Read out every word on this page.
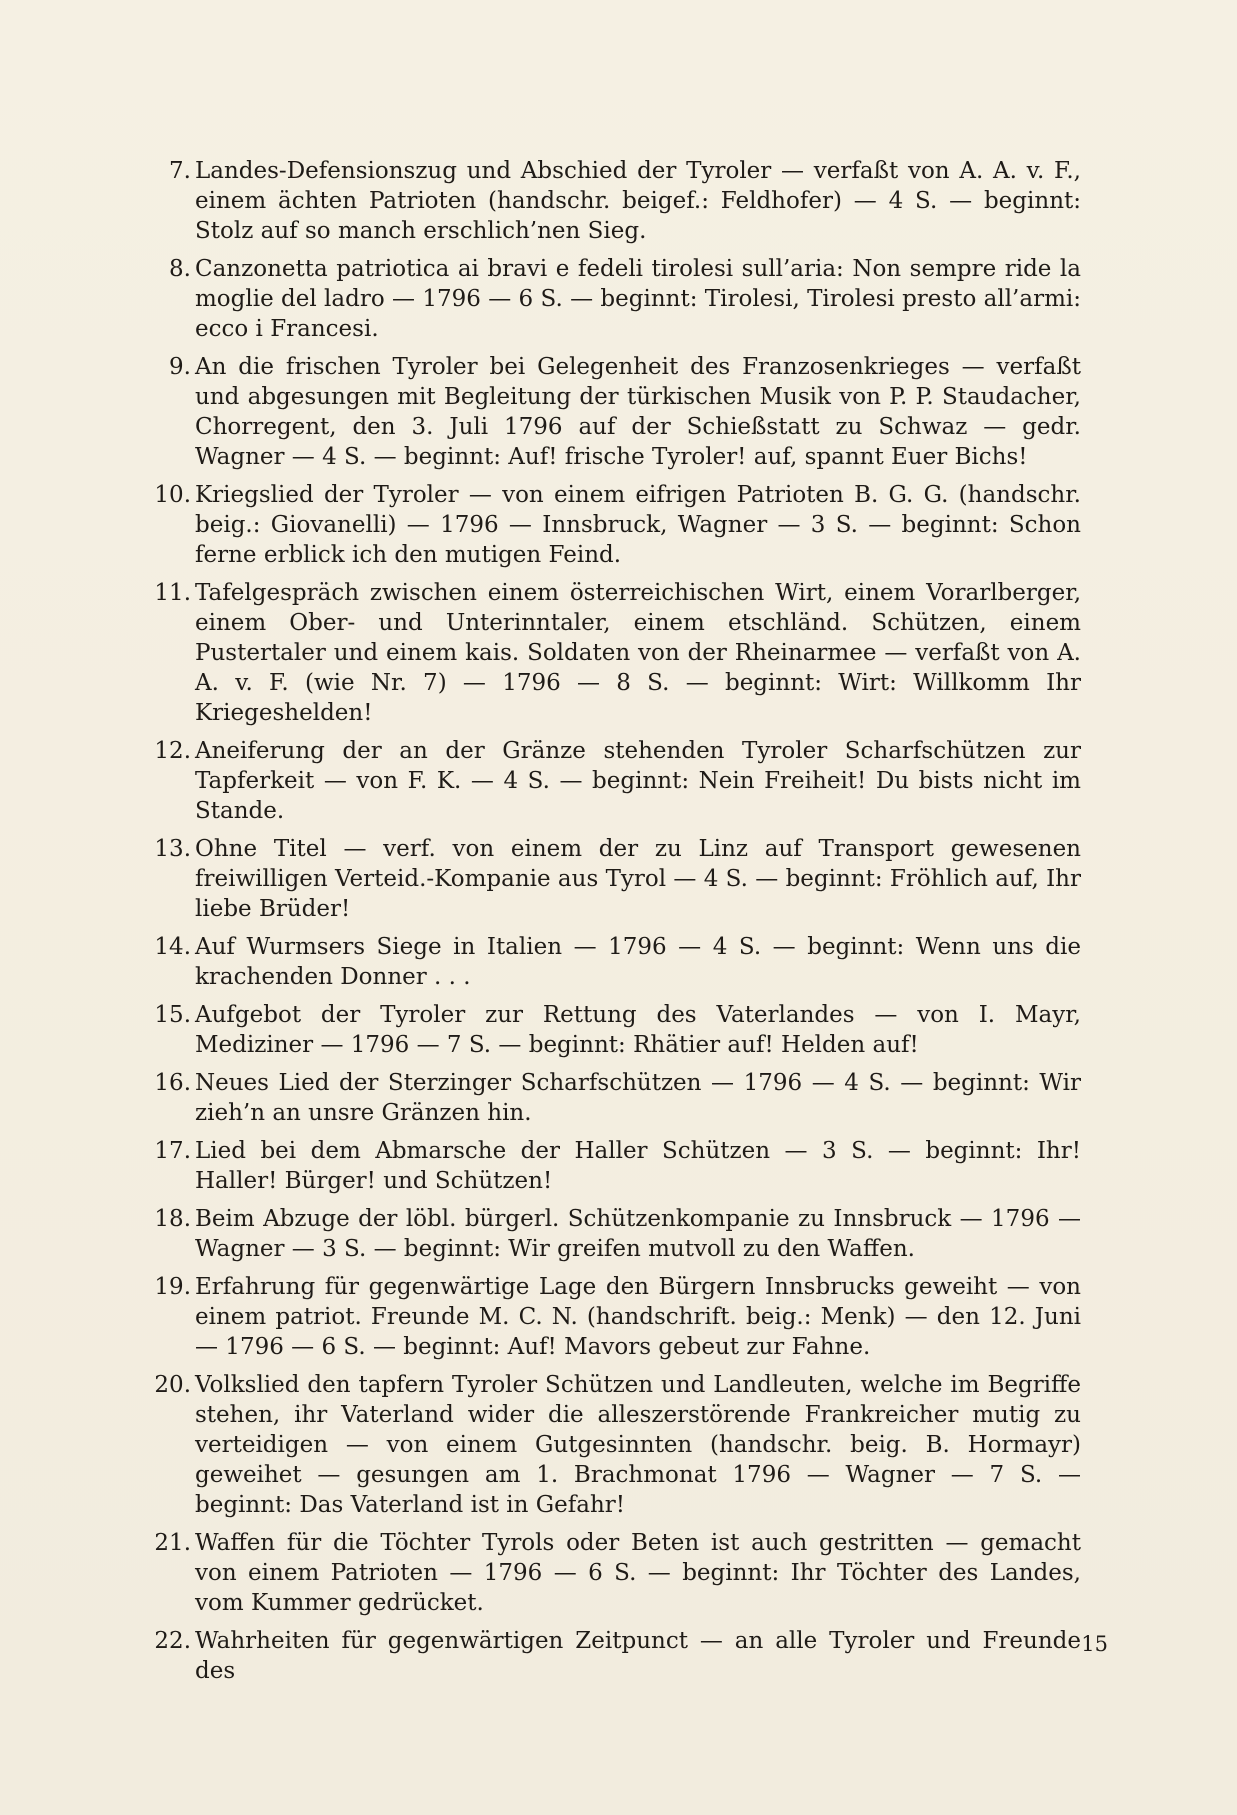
7. Landes-Defensionszug und Abschied der Tyroler — verfaßt von A. A. v. F., einem ächten Patrioten (handschr. beigef.: Feldhofer) — 4 S. — beginnt: Stolz auf so manch erschlich’nen Sieg.
8. Canzonetta patriotica ai bravi e fedeli tirolesi sull’aria: Non sempre ride la moglie del ladro — 1796 — 6 S. — beginnt: Tirolesi, Tirolesi presto all’armi: ecco i Francesi.
9. An die frischen Tyroler bei Gelegenheit des Franzosenkrieges — verfaßt und abgesungen mit Begleitung der türkischen Musik von P. P. Staudacher, Chorregent, den 3. Juli 1796 auf der Schießstatt zu Schwaz — gedr. Wagner — 4 S. — beginnt: Auf! frische Tyroler! auf, spannt Euer Bichs!
10. Kriegslied der Tyroler — von einem eifrigen Patrioten B. G. G. (handschr. beig.: Giovanelli) — 1796 — Innsbruck, Wagner — 3 S. — beginnt: Schon ferne erblick ich den mutigen Feind.
11. Tafelgespräch zwischen einem österreichischen Wirt, einem Vorarlberger, einem Ober- und Unterinntaler, einem etschländ. Schützen, einem Pustertaler und einem kais. Soldaten von der Rheinarmee — verfaßt von A. A. v. F. (wie Nr. 7) — 1796 — 8 S. — beginnt: Wirt: Willkomm Ihr Kriegeshelden!
12. Aneiferung der an der Gränze stehenden Tyroler Scharfschützen zur Tapferkeit — von F. K. — 4 S. — beginnt: Nein Freiheit! Du bists nicht im Stande.
13. Ohne Titel — verf. von einem der zu Linz auf Transport gewesenen freiwilligen Verteid.-Kompanie aus Tyrol — 4 S. — beginnt: Fröhlich auf, Ihr liebe Brüder!
14. Auf Wurmsers Siege in Italien — 1796 — 4 S. — beginnt: Wenn uns die krachenden Donner . . .
15. Aufgebot der Tyroler zur Rettung des Vaterlandes — von I. Mayr, Mediziner — 1796 — 7 S. — beginnt: Rhätier auf! Helden auf!
16. Neues Lied der Sterzinger Scharfschützen — 1796 — 4 S. — beginnt: Wir zieh’n an unsre Gränzen hin.
17. Lied bei dem Abmarsche der Haller Schützen — 3 S. — beginnt: Ihr! Haller! Bürger! und Schützen!
18. Beim Abzuge der löbl. bürgerl. Schützenkompanie zu Innsbruck — 1796 — Wagner — 3 S. — beginnt: Wir greifen mutvoll zu den Waffen.
19. Erfahrung für gegenwärtige Lage den Bürgern Innsbrucks geweiht — von einem patriot. Freunde M. C. N. (handschrift. beig.: Menk) — den 12. Juni — 1796 — 6 S. — beginnt: Auf! Mavors gebeut zur Fahne.
20. Volkslied den tapfern Tyroler Schützen und Landleuten, welche im Begriffe stehen, ihr Vaterland wider die alleszerstörende Frankreicher mutig zu verteidigen — von einem Gutgesinnten (handschr. beig. B. Hormayr) geweihet — gesungen am 1. Brachmonat 1796 — Wagner — 7 S. — beginnt: Das Vaterland ist in Gefahr!
21. Waffen für die Töchter Tyrols oder Beten ist auch gestritten — gemacht von einem Patrioten — 1796 — 6 S. — beginnt: Ihr Töchter des Landes, vom Kummer gedrücket.
22. Wahrheiten für gegenwärtigen Zeitpunct — an alle Tyroler und Freunde des
15
